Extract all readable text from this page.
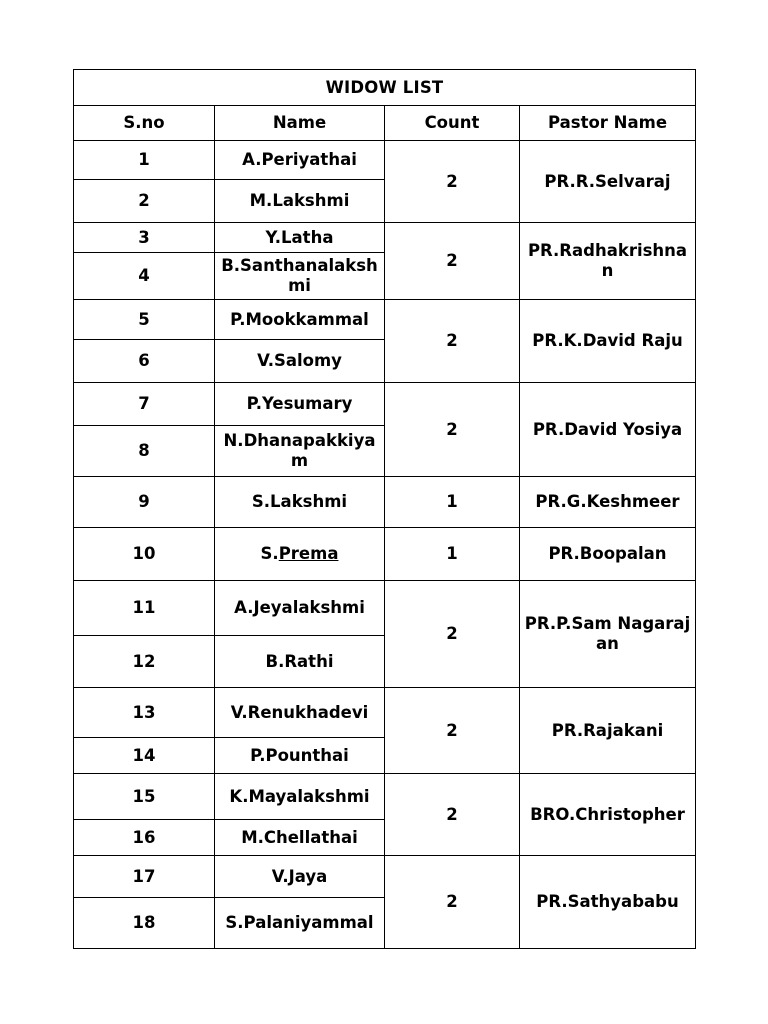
WIDOW LIST			
S.no	Name	Count	Pastor Name
1	A.Periyathai	2	PR.R.Selvaraj
2	M.Lakshmi		
3	Y.Latha	2	PR.Radhakrishnan
4	B.Santhanalakshmi		
5	P.Mookkammal	2	PR.K.David Raju
6	V.Salomy		
7	P.Yesumary	2	PR.David Yosiya
8	N.Dhanapakkiyam		
9	S.Lakshmi	1	PR.G.Keshmeer
10	S.Prema	1	PR.Boopalan
11	A.Jeyalakshmi	2	PR.P.Sam Nagarajan
12	B.Rathi		
13	V.Renukhadevi	2	PR.Rajakani
14	P.Pounthai		
15	K.Mayalakshmi	2	BRO.Christopher
16	M.Chellathai		
17	V.Jaya	2	PR.Sathyababu
18	S.Palaniyammal		
